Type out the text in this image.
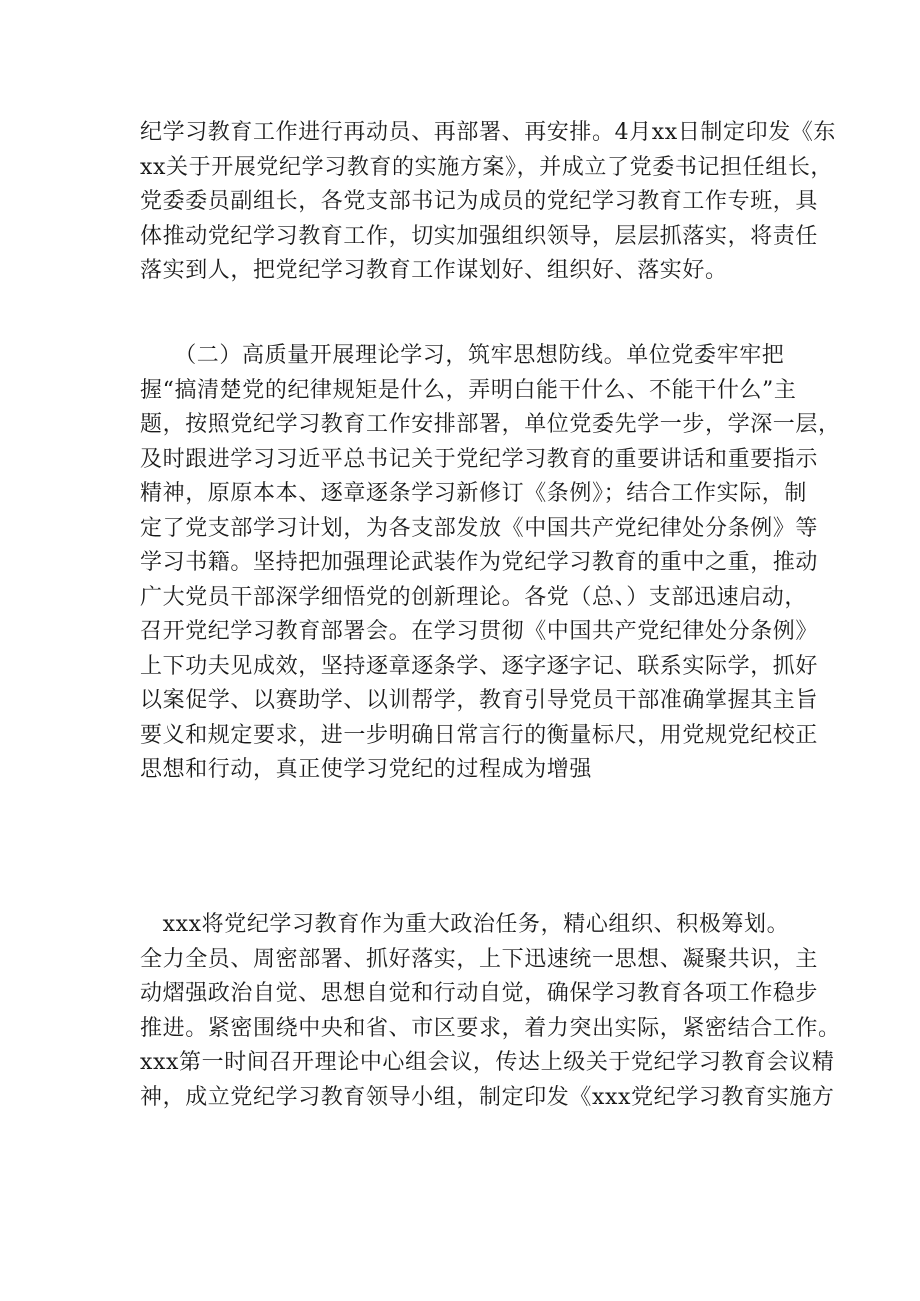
纪学习教育工作进行再动员、再部署、再安排。4月xx日制定印发《东
xx关于开展党纪学习教育的实施方案》，并成立了党委书记担任组长，
党委委员副组长，各党支部书记为成员的党纪学习教育工作专班，具
体推动党纪学习教育工作，切实加强组织领导，层层抓落实，将责任
落实到人，把党纪学习教育工作谋划好、组织好、落实好。

　　（二）高质量开展理论学习，筑牢思想防线。单位党委牢牢把
握“搞清楚党的纪律规矩是什么，弄明白能干什么、不能干什么”主
题，按照党纪学习教育工作安排部署，单位党委先学一步，学深一层，
及时跟进学习习近平总书记关于党纪学习教育的重要讲话和重要指示
精神，原原本本、逐章逐条学习新修订《条例》；结合工作实际，制
定了党支部学习计划，为各支部发放《中国共产党纪律处分条例》等
学习书籍。坚持把加强理论武装作为党纪学习教育的重中之重，推动
广大党员干部深学细悟党的创新理论。各党（总、）支部迅速启动，
召开党纪学习教育部署会。在学习贯彻《中国共产党纪律处分条例》
上下功夫见成效，坚持逐章逐条学、逐字逐字记、联系实际学，抓好
以案促学、以赛助学、以训帮学，教育引导党员干部准确掌握其主旨
要义和规定要求，进一步明确日常言行的衡量标尺，用党规党纪校正
思想和行动，真正使学习党纪的过程成为增强

　xxx将党纪学习教育作为重大政治任务，精心组织、积极筹划。
全力全员、周密部署、抓好落实，上下迅速统一思想、凝聚共识，主
动熠强政治自觉、思想自觉和行动自觉，确保学习教育各项工作稳步
推进。紧密围绕中央和省、市区要求，着力突出实际，紧密结合工作。
xxx第一时间召开理论中心组会议，传达上级关于党纪学习教育会议精
神，成立党纪学习教育领导小组，制定印发《xxx党纪学习教育实施方
